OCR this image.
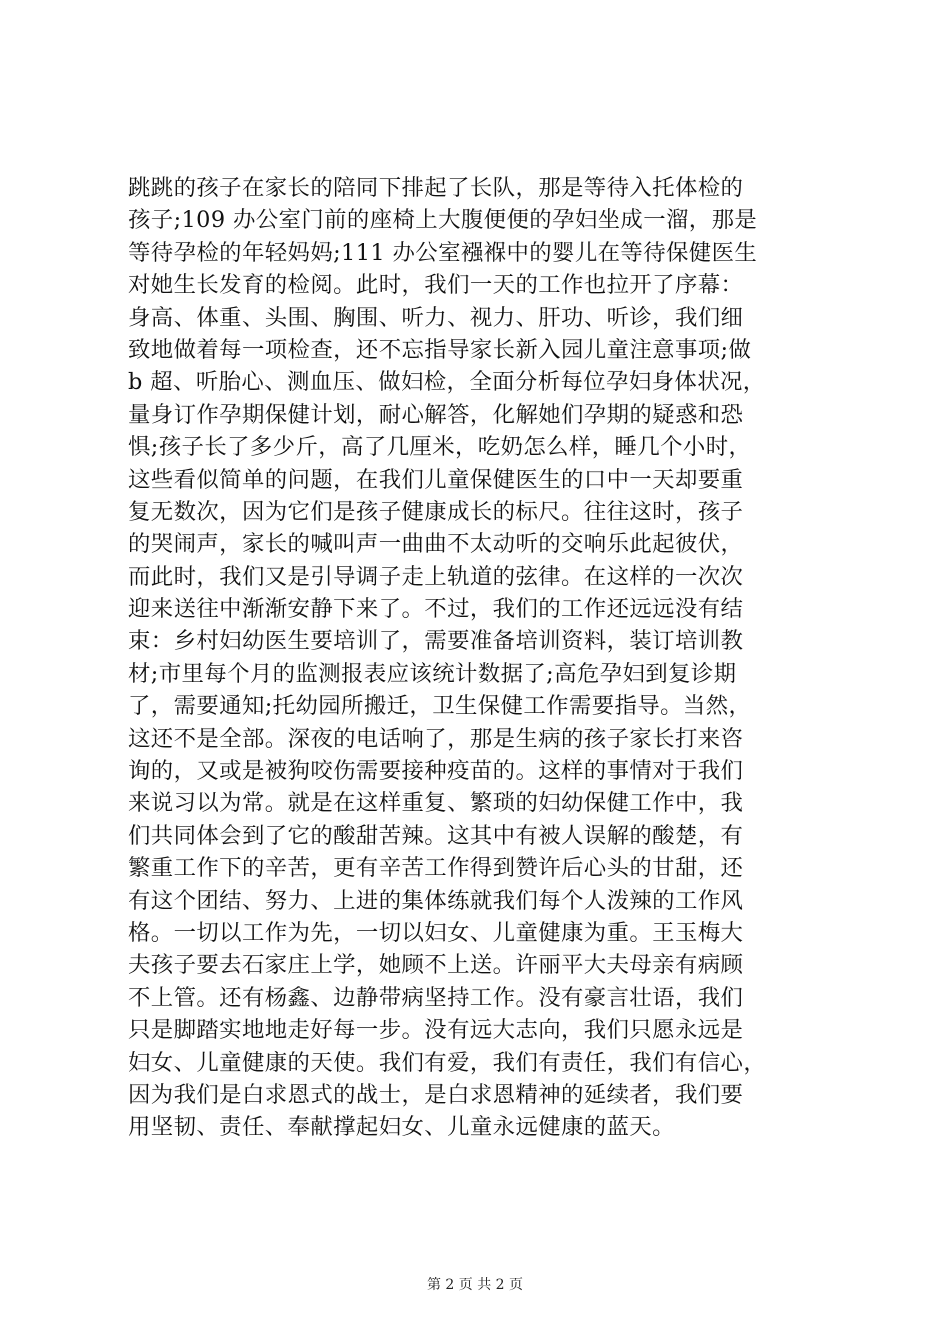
跳跳的孩子在家长的陪同下排起了长队，那是等待入托体检的
孩子;109 办公室门前的座椅上大腹便便的孕妇坐成一溜，那是
等待孕检的年轻妈妈;111 办公室襁褓中的婴儿在等待保健医生
对她生长发育的检阅。此时，我们一天的工作也拉开了序幕：
身高、体重、头围、胸围、听力、视力、肝功、听诊，我们细
致地做着每一项检查，还不忘指导家长新入园儿童注意事项;做
b 超、听胎心、测血压、做妇检，全面分析每位孕妇身体状况，
量身订作孕期保健计划，耐心解答，化解她们孕期的疑惑和恐
惧;孩子长了多少斤，高了几厘米，吃奶怎么样，睡几个小时，
这些看似简单的问题，在我们儿童保健医生的口中一天却要重
复无数次，因为它们是孩子健康成长的标尺。往往这时，孩子
的哭闹声，家长的喊叫声一曲曲不太动听的交响乐此起彼伏，
而此时，我们又是引导调子走上轨道的弦律。在这样的一次次
迎来送往中渐渐安静下来了。不过，我们的工作还远远没有结
束：乡村妇幼医生要培训了，需要准备培训资料，装订培训教
材;市里每个月的监测报表应该统计数据了;高危孕妇到复诊期
了，需要通知;托幼园所搬迁，卫生保健工作需要指导。当然，
这还不是全部。深夜的电话响了，那是生病的孩子家长打来咨
询的，又或是被狗咬伤需要接种疫苗的。这样的事情对于我们
来说习以为常。就是在这样重复、繁琐的妇幼保健工作中，我
们共同体会到了它的酸甜苦辣。这其中有被人误解的酸楚，有
繁重工作下的辛苦，更有辛苦工作得到赞许后心头的甘甜，还
有这个团结、努力、上进的集体练就我们每个人泼辣的工作风
格。一切以工作为先，一切以妇女、儿童健康为重。王玉梅大
夫孩子要去石家庄上学，她顾不上送。许丽平大夫母亲有病顾
不上管。还有杨鑫、边静带病坚持工作。没有豪言壮语，我们
只是脚踏实地地走好每一步。没有远大志向，我们只愿永远是
妇女、儿童健康的天使。我们有爱，我们有责任，我们有信心，
因为我们是白求恩式的战士，是白求恩精神的延续者，我们要
用坚韧、责任、奉献撑起妇女、儿童永远健康的蓝天。
第 2 页 共 2 页
